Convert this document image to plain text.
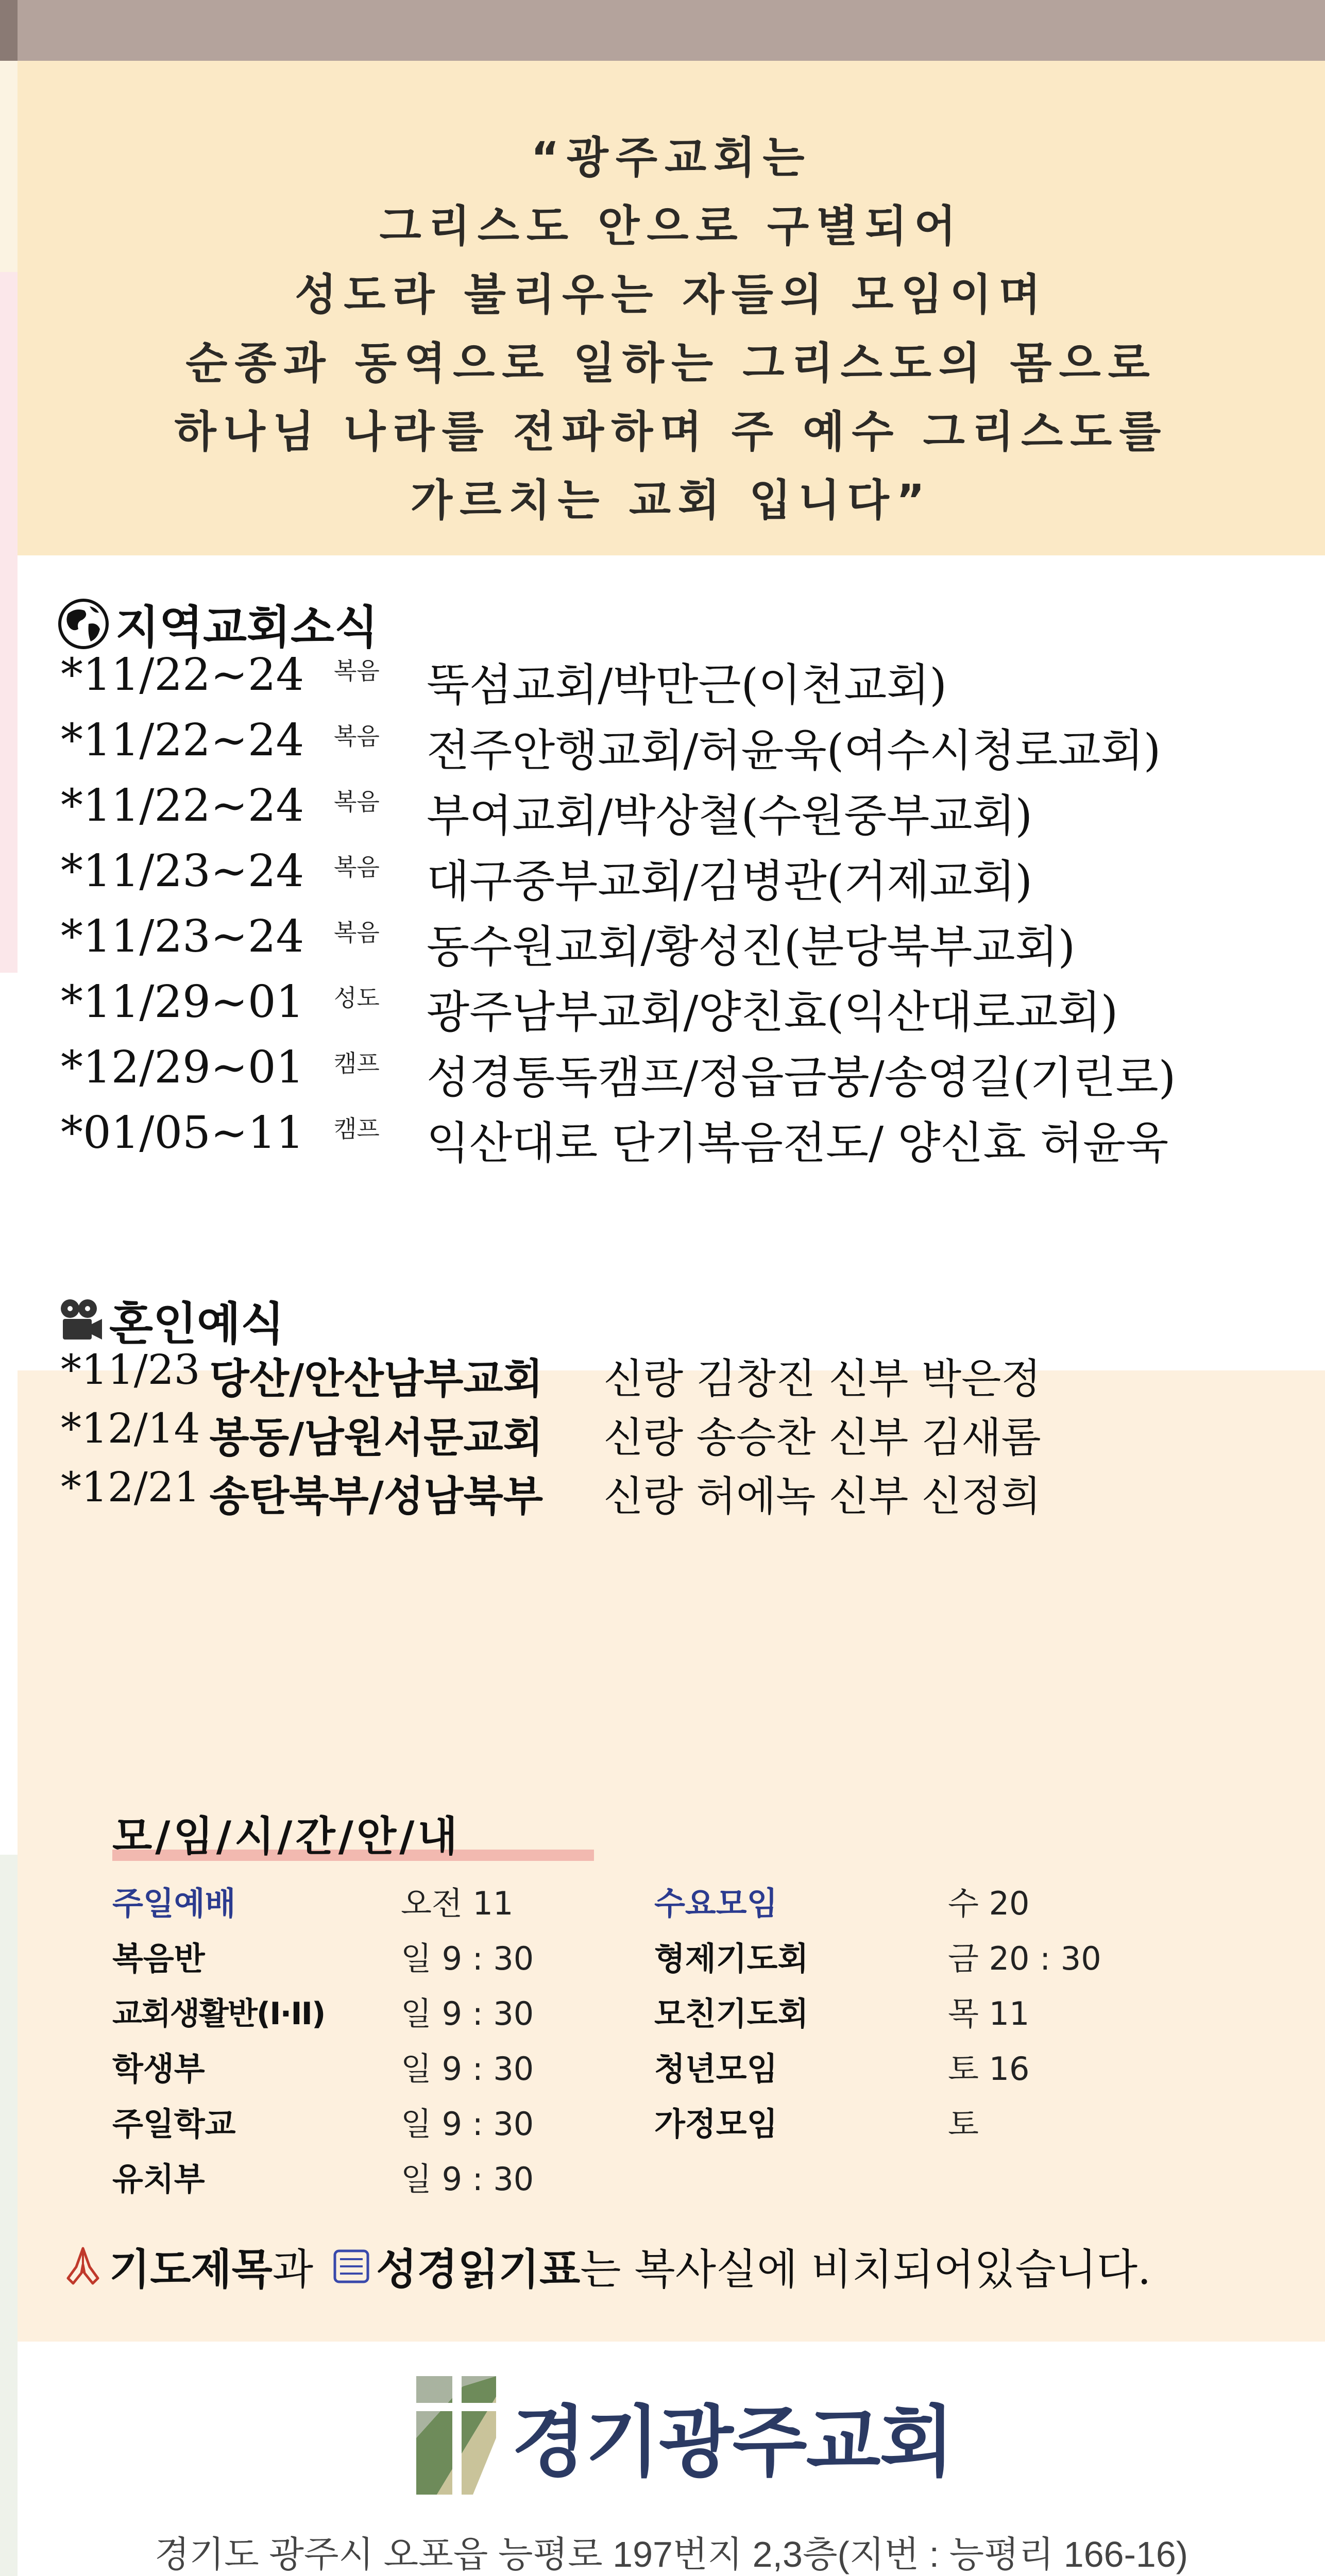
“광주교회는
그리스도 안으로 구별되어
성도라 불리우는 자들의 모임이며
순종과 동역으로 일하는 그리스도의 몸으로
하나님 나라를 전파하며 주 예수 그리스도를
가르치는 교회 입니다”
지역교회소식
*11/22~24	복음	뚝섬교회/박만근(이천교회)
*11/22~24	복음	전주안행교회/허윤욱(여수시청로교회)
*11/22~24	복음	부여교회/박상철(수원중부교회)
*11/23~24	복음	대구중부교회/김병관(거제교회)
*11/23~24	복음	동수원교회/황성진(분당북부교회)
*11/29~01	성도	광주남부교회/양친효(익산대로교회)
*12/29~01	캠프	성경통독캠프/정읍금붕/송영길(기린로)
*01/05~11	캠프	익산대로 단기복음전도/ 양신효 허윤욱
혼인예식
*11/23 당산/안산남부교회	신랑 김창진 신부 박은정
*12/14 봉동/남원서문교회	신랑 송승찬 신부 김새롬
*12/21 송탄북부/성남북부	신랑 허에녹 신부 신정희
모/임/시/간/안/내
주일예배	오전 11
복음반	일 9 : 30
교회생활반(I·II)	일 9 : 30
학생부	일 9 : 30
주일학교	일 9 : 30
유치부	일 9 : 30
수요모임	수 20
형제기도회	금 20 : 30
모친기도회	목 11
청년모임	토 16
가정모임	토
기도제목 과 성경읽기표 는 복사실에 비치되어있습니다.
경기광주교회
경기도 광주시 오포읍 능평로 197번지 2,3층(지번 : 능평리 166-16)
